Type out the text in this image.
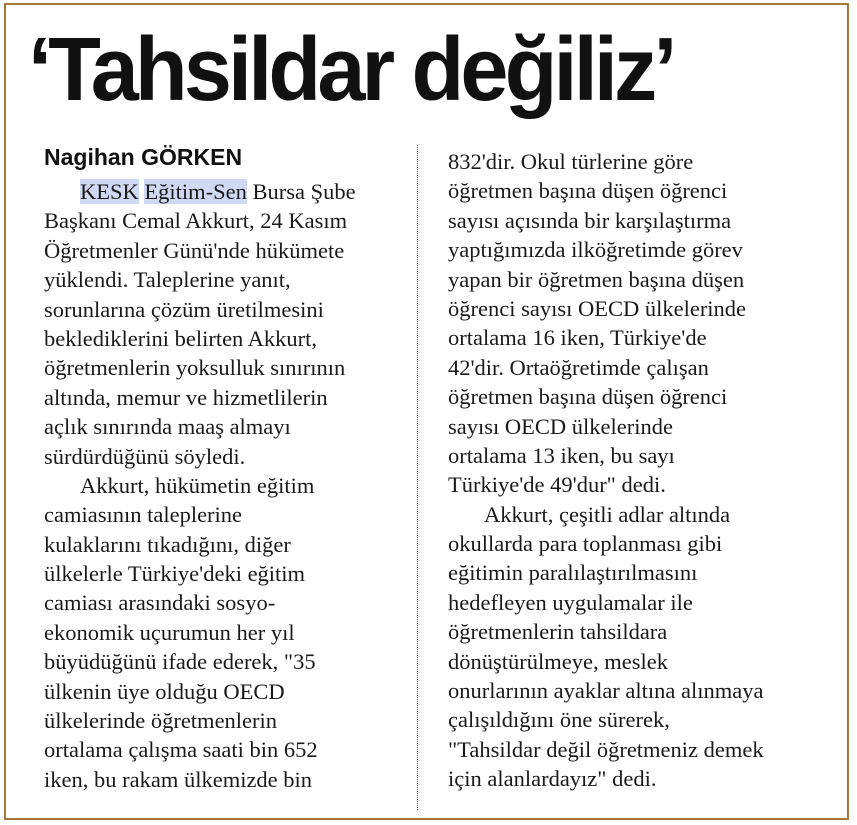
‘Tahsildar değiliz’
Nagihan GÖRKEN
KESK Eğitim-Sen Bursa Şube
Başkanı Cemal Akkurt, 24 Kasım
Öğretmenler Günü'nde hükümete
yüklendi. Taleplerine yanıt,
sorunlarına çözüm üretilmesini
beklediklerini belirten Akkurt,
öğretmenlerin yoksulluk sınırının
altında, memur ve hizmetlilerin
açlık sınırında maaş almayı
sürdürdüğünü söyledi.
Akkurt, hükümetin eğitim
camiasının taleplerine
kulaklarını tıkadığını, diğer
ülkelerle Türkiye'deki eğitim
camiası arasındaki sosyo-
ekonomik uçurumun her yıl
büyüdüğünü ifade ederek, "35
ülkenin üye olduğu OECD
ülkelerinde öğretmenlerin
ortalama çalışma saati bin 652
iken, bu rakam ülkemizde bin
832'dir. Okul türlerine göre
öğretmen başına düşen öğrenci
sayısı açısında bir karşılaştırma
yaptığımızda ilköğretimde görev
yapan bir öğretmen başına düşen
öğrenci sayısı OECD ülkelerinde
ortalama 16 iken, Türkiye'de
42'dir. Ortaöğretimde çalışan
öğretmen başına düşen öğrenci
sayısı OECD ülkelerinde
ortalama 13 iken, bu sayı
Türkiye'de 49'dur" dedi.
Akkurt, çeşitli adlar altında
okullarda para toplanması gibi
eğitimin paralılaştırılmasını
hedefleyen uygulamalar ile
öğretmenlerin tahsildara
dönüştürülmeye, meslek
onurlarının ayaklar altına alınmaya
çalışıldığını öne sürerek,
"Tahsildar değil öğretmeniz demek
için alanlardayız" dedi.
